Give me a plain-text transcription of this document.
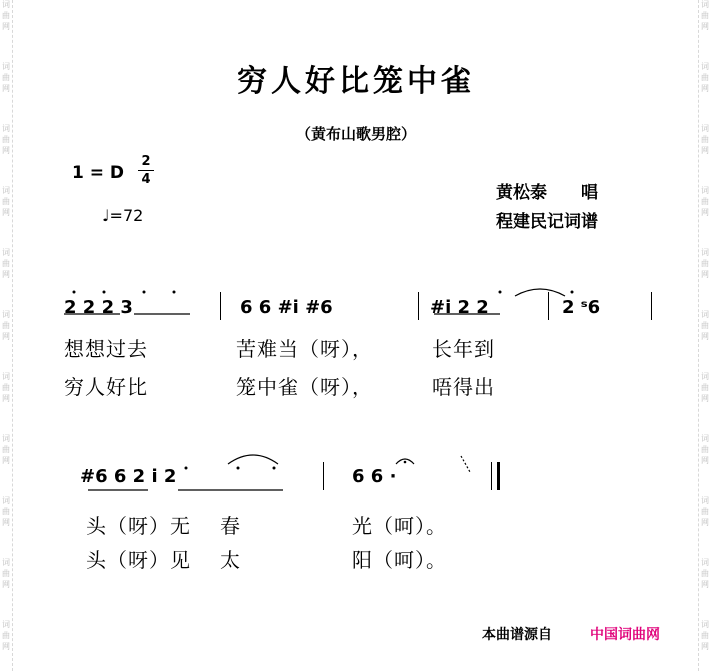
词
曲
网
词
曲
网
词
曲
网
词
曲
网
词
曲
网
词
曲
网
词
曲
网
词
曲
网
词
曲
网
词
曲
网
词
曲
网
词
曲
网
词
曲
网
词
曲
网
词
曲
网
词
曲
网
词
曲
网
词
曲
网
词
曲
网
词
曲
网
词
曲
网
词
曲
网
穷人好比笼中雀
（黄布山歌男腔）
1 = D
2
4
♩=72
黄松泰　　唱
程建民记词谱
2 2 2 3	6 6 #i #6	#i 2 2	2 ˢ6
想想过去	苦难当（呀），	长年到
穷人好比	笼中雀（呀），	唔得出
#6 6 2 i 2	6 6 ·
头（呀）无 春	光（呵）。
头（呀）见 太	阳（呵）。
本曲谱源自	中国词曲网
